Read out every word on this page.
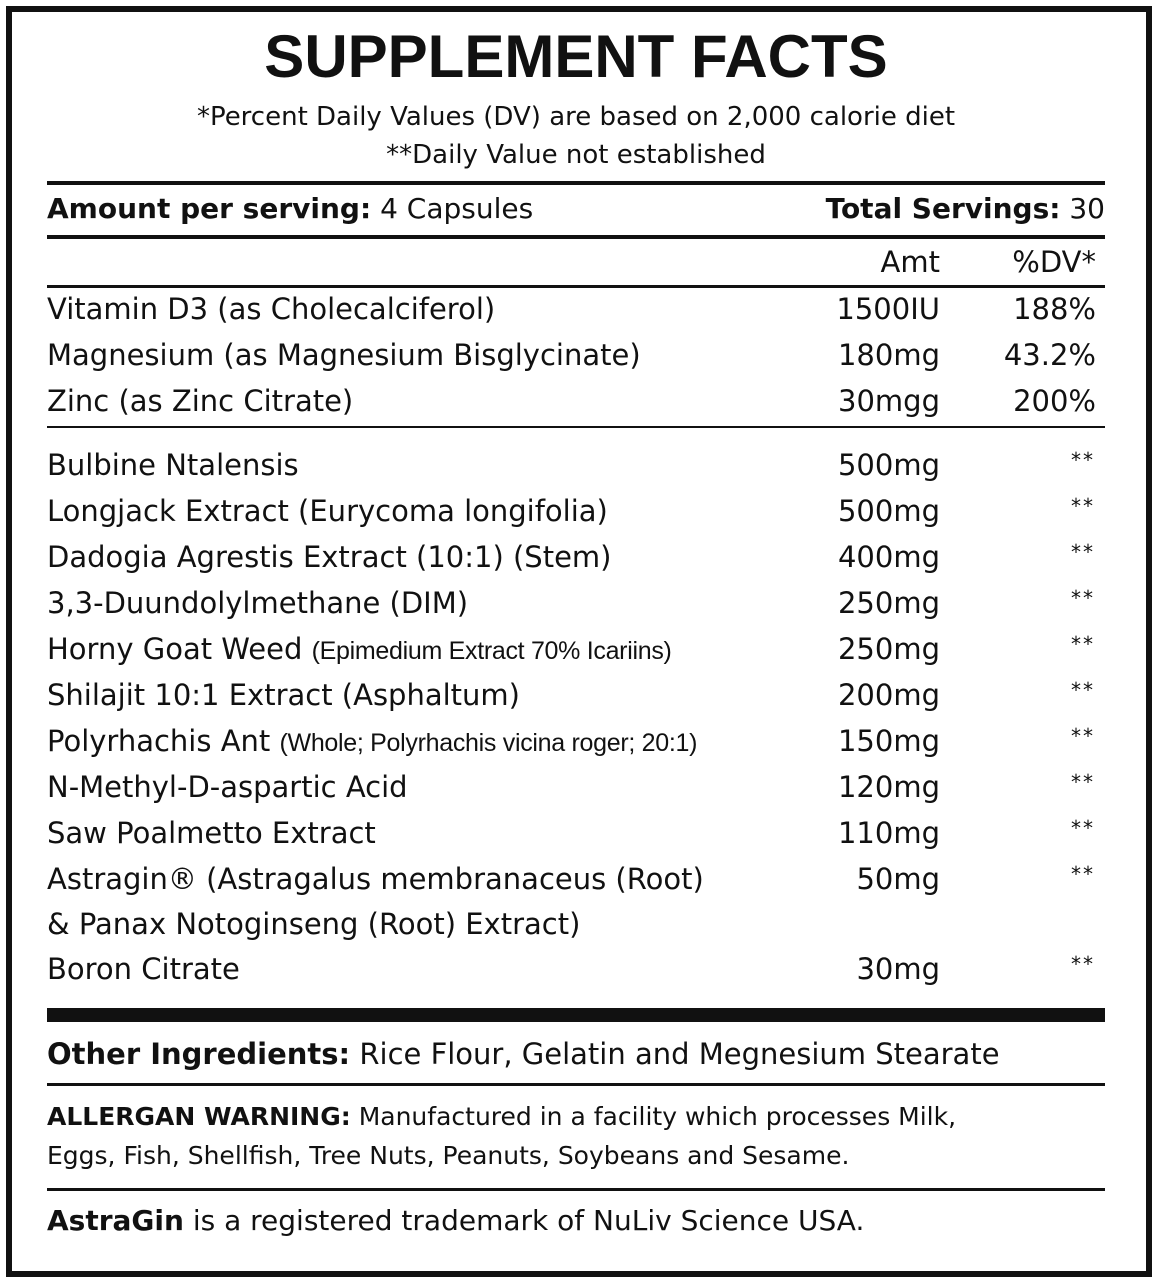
SUPPLEMENT FACTS
*Percent Daily Values (DV) are based on 2,000 calorie diet
**Daily Value not established
Amount per serving: 4 Capsules	Total Servings: 30
Amt %DV*
Vitamin D3 (as Cholecalciferol)	1500IU	188%
Magnesium (as Magnesium Bisglycinate)	180mg 43.2%
Zinc (as Zinc Citrate)	30mgg	200%
Bulbine Ntalensis	500mg	**
Longjack Extract (Eurycoma longifolia)	500mg	**
Dadogia Agrestis Extract (10:1) (Stem)	400mg	**
3,3-Duundolylmethane (DIM)	250mg	**
Horny Goat Weed (Epimedium Extract 70% Icariins)	250mg	**
Shilajit 10:1 Extract (Asphaltum)	200mg	**
Polyrhachis Ant (Whole; Polyrhachis vicina roger; 20:1)	150mg	**
N-Methyl-D-aspartic Acid	120mg	**
Saw Poalmetto Extract	110mg	**
Astragin® (Astragalus membranaceus (Root)	50mg	**
& Panax Notoginseng (Root) Extract)
Boron Citrate	30mg	**
Other Ingredients: Rice Flour, Gelatin and Megnesium Stearate
ALLERGAN WARNING: Manufactured in a facility which processes Milk,
Eggs, Fish, Shellfish, Tree Nuts, Peanuts, Soybeans and Sesame.
AstraGin is a registered trademark of NuLiv Science USA.
